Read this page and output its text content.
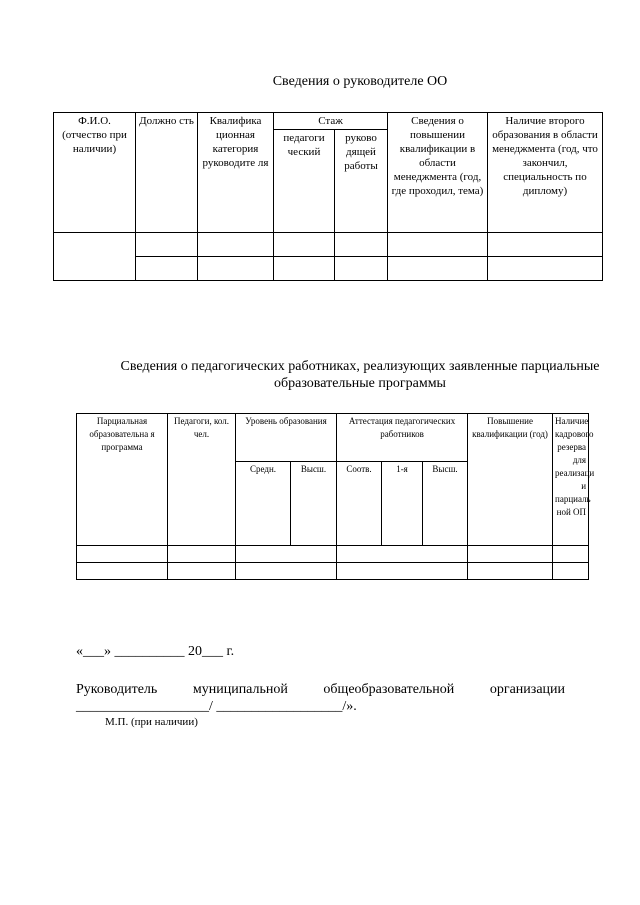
Сведения о руководителе ОО
Ф.И.О. (отчество при наличии)	Должно сть	Квалифика ционная категория руководите ля	Стаж		Сведения о повышении квалификации в области менеджмента (год, где проходил, тема)	Наличие второго образования в области менеджмента (год, что закончил, специальность по диплому)
			педагоги ческий	руково дящей работы		

Сведения о педагогических работниках, реализующих заявленные парциальные образовательные программы
Парциальная образовательна я программа	Педагоги, кол. чел.	Уровень образования		Аттестация педагогических работников			Повышение квалификации (год)	Наличие кадрового резерва для реализаци и парциаль ной ОП
		Средн.	Высш.	Соотв.	1-я	Высш.		

«___» __________ 20___ г.
Руководитель	муниципальной	общеобразовательной	организации
___________________/ __________________/».
М.П. (при наличии)
